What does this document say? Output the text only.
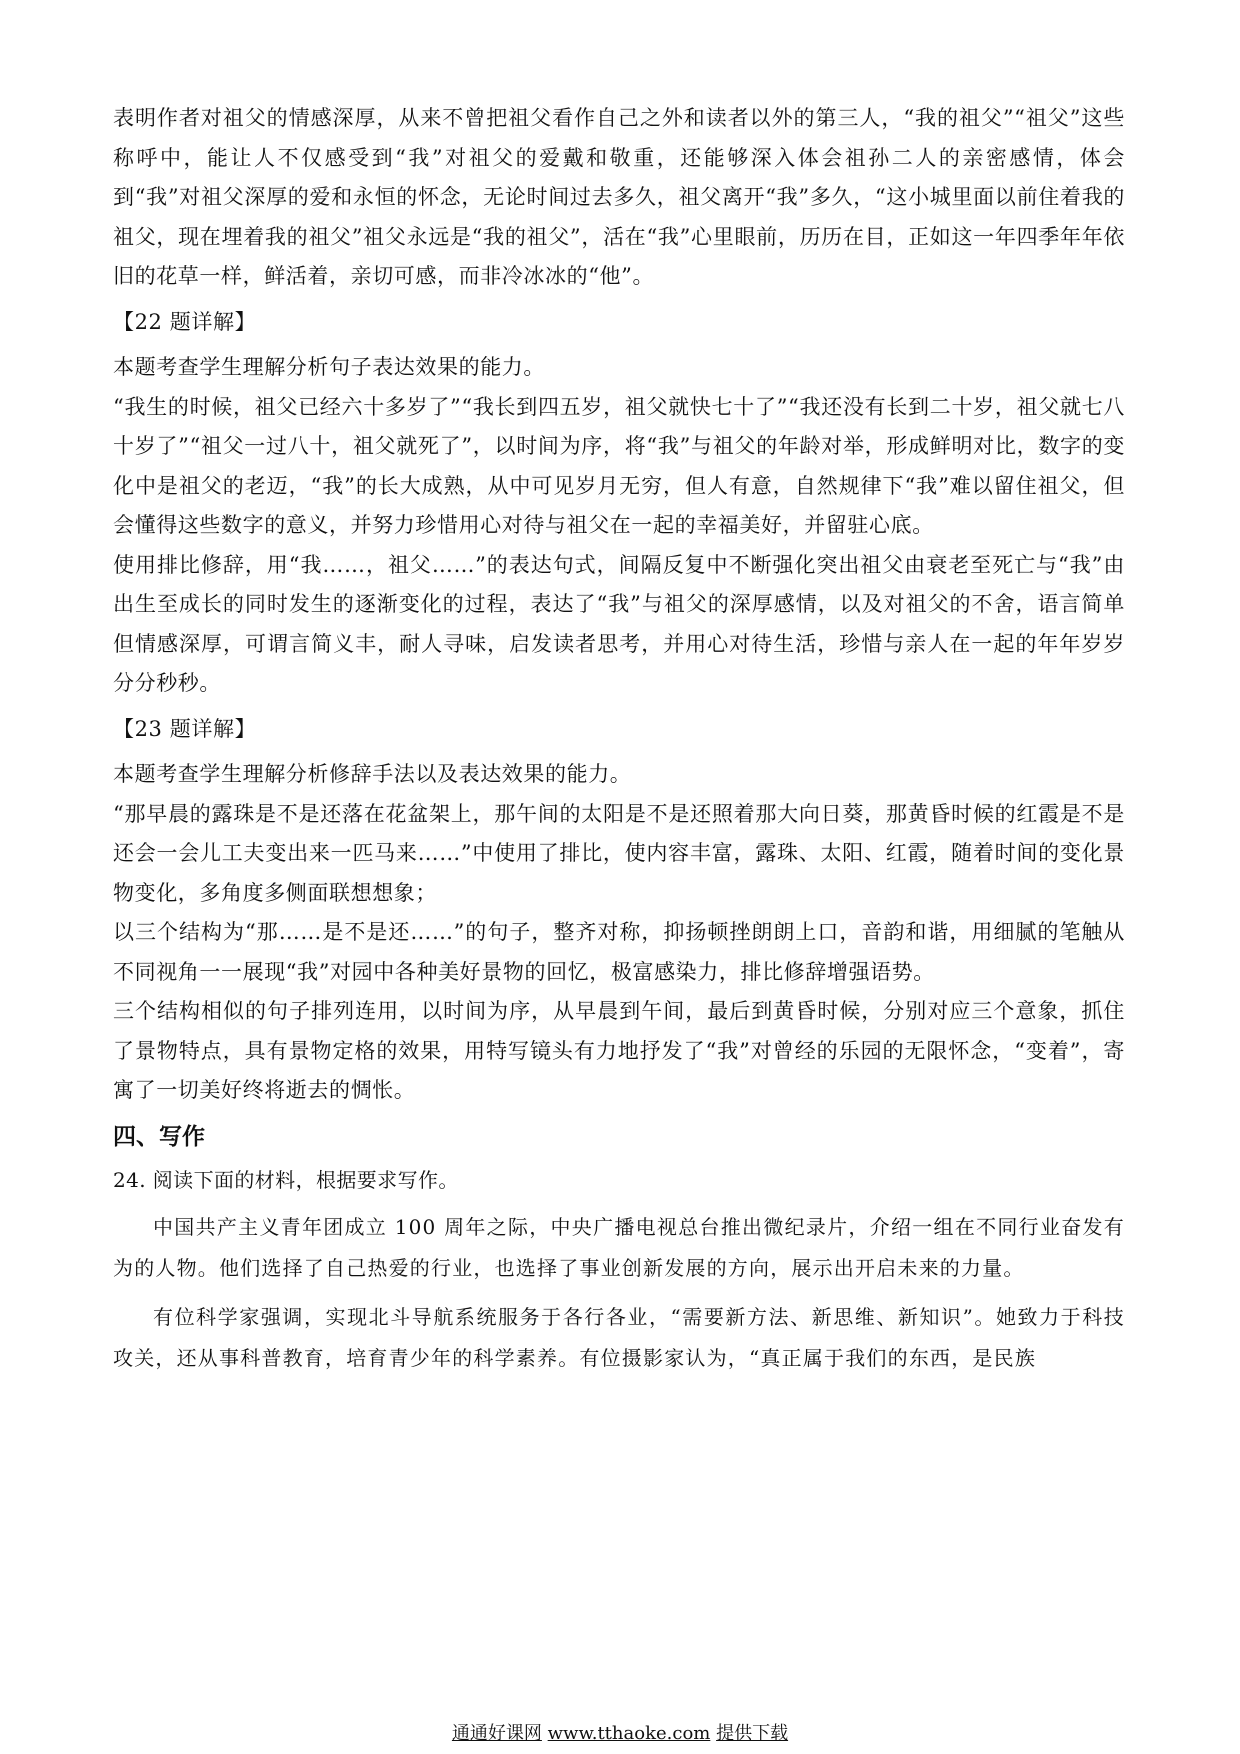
表明作者对祖父的情感深厚，从来不曾把祖父看作自己之外和读者以外的第三人，“我的祖父”“祖父”这些称呼中，能让人不仅感受到“我”对祖父的爱戴和敬重，还能够深入体会祖孙二人的亲密感情，体会到“我”对祖父深厚的爱和永恒的怀念，无论时间过去多久，祖父离开“我”多久，“这小城里面以前住着我的祖父，现在埋着我的祖父”祖父永远是“我的祖父”，活在“我”心里眼前，历历在目，正如这一年四季年年依旧的花草一样，鲜活着，亲切可感，而非冷冰冰的“他”。

【22 题详解】

本题考查学生理解分析句子表达效果的能力。

“我生的时候，祖父已经六十多岁了”“我长到四五岁，祖父就快七十了”“我还没有长到二十岁，祖父就七八十岁了”“祖父一过八十，祖父就死了”，以时间为序，将“我”与祖父的年龄对举，形成鲜明对比，数字的变化中是祖父的老迈，“我”的长大成熟，从中可见岁月无穷，但人有意，自然规律下“我”难以留住祖父，但会懂得这些数字的意义，并努力珍惜用心对待与祖父在一起的幸福美好，并留驻心底。

使用排比修辞，用“我……，祖父……”的表达句式，间隔反复中不断强化突出祖父由衰老至死亡与“我”由出生至成长的同时发生的逐渐变化的过程，表达了“我”与祖父的深厚感情，以及对祖父的不舍，语言简单但情感深厚，可谓言简义丰，耐人寻味，启发读者思考，并用心对待生活，珍惜与亲人在一起的年年岁岁分分秒秒。

【23 题详解】

本题考查学生理解分析修辞手法以及表达效果的能力。

“那早晨的露珠是不是还落在花盆架上，那午间的太阳是不是还照着那大向日葵，那黄昏时候的红霞是不是还会一会儿工夫变出来一匹马来……”中使用了排比，使内容丰富，露珠、太阳、红霞，随着时间的变化景物变化，多角度多侧面联想想象；

以三个结构为“那……是不是还……”的句子，整齐对称，抑扬顿挫朗朗上口，音韵和谐，用细腻的笔触从不同视角一一展现“我”对园中各种美好景物的回忆，极富感染力，排比修辞增强语势。

三个结构相似的句子排列连用，以时间为序，从早晨到午间，最后到黄昏时候，分别对应三个意象，抓住了景物特点，具有景物定格的效果，用特写镜头有力地抒发了“我”对曾经的乐园的无限怀念，“变着”，寄寓了一切美好终将逝去的惆怅。

四、写作
24. 阅读下面的材料，根据要求写作。

中国共产主义青年团成立 100 周年之际，中央广播电视总台推出微纪录片，介绍一组在不同行业奋发有为的人物。他们选择了自己热爱的行业，也选择了事业创新发展的方向，展示出开启未来的力量。

有位科学家强调，实现北斗导航系统服务于各行各业，“需要新方法、新思维、新知识”。她致力于科技攻关，还从事科普教育，培育青少年的科学素养。有位摄影家认为，“真正属于我们的东西，是民族

通通好课网 www.tthaoke.com 提供下载
